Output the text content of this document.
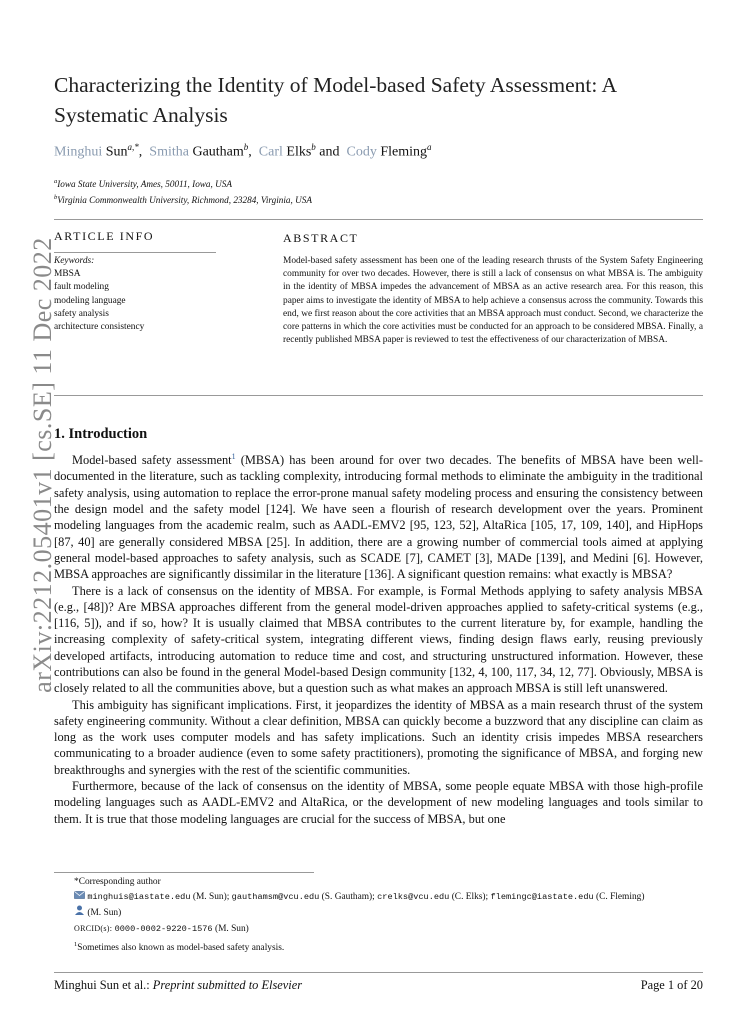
arXiv:2212.05401v1 [cs.SE] 11 Dec 2022
Characterizing the Identity of Model-based Safety Assessment: A Systematic Analysis
Minghui Sun$^{a,*}$,  Smitha Gautham$^b$,  Carl Elks$^b$ and  Cody Fleming$^a$
$^a$Iowa State University, Ames, 50011, Iowa, USA
$^b$Virginia Commonwealth University, Richmond, 23284, Virginia, USA
ARTICLE INFO	ABSTRACT
Keywords:
MBSA
fault modeling
modeling language
safety analysis
architecture consistency
Model-based safety assessment has been one of the leading research thrusts of the System Safety Engineering community for over two decades. However, there is still a lack of consensus on what MBSA is. The ambiguity in the identity of MBSA impedes the advancement of MBSA as an active research area. For this reason, this paper aims to investigate the identity of MBSA to help achieve a consensus across the community. Towards this end, we first reason about the core activities that an MBSA approach must conduct. Second, we characterize the core patterns in which the core activities must be conducted for an approach to be considered MBSA. Finally, a recently published MBSA paper is reviewed to test the effectiveness of our characterization of MBSA.
1. Introduction

Model-based safety assessment$^1$ (MBSA) has been around for over two decades. The benefits of MBSA have been well-documented in the literature, such as tackling complexity, introducing formal methods to eliminate the ambiguity in the traditional safety analysis, using automation to replace the error-prone manual safety modeling process and ensuring the consistency between the design model and the safety model [124]. We have seen a flourish of research development over the years. Prominent modeling languages from the academic realm, such as AADL-EMV2 [95, 123, 52], AltaRica [105, 17, 109, 140], and HipHops [87, 40] are generally considered MBSA [25]. In addition, there are a growing number of commercial tools aimed at applying general model-based approaches to safety analysis, such as SCADE [7], CAMET [3], MADe [139], and Medini [6]. However, MBSA approaches are significantly dissimilar in the literature [136]. A significant question remains: what exactly is MBSA?

There is a lack of consensus on the identity of MBSA. For example, is Formal Methods applying to safety analysis MBSA (e.g., [48])? Are MBSA approaches different from the general model-driven approaches applied to safety-critical systems (e.g., [116, 5]), and if so, how? It is usually claimed that MBSA contributes to the current literature by, for example, handling the increasing complexity of safety-critical system, integrating different views, finding design flaws early, reusing previously developed artifacts, introducing automation to reduce time and cost, and structuring unstructured information. However, these contributions can also be found in the general Model-based Design community [132, 4, 100, 117, 34, 12, 77]. Obviously, MBSA is closely related to all the communities above, but a question such as what makes an approach MBSA is still left unanswered.

This ambiguity has significant implications. First, it jeopardizes the identity of MBSA as a main research thrust of the system safety engineering community. Without a clear definition, MBSA can quickly become a buzzword that any discipline can claim as long as the work uses computer models and has safety implications. Such an identity crisis impedes MBSA researchers communicating to a broader audience (even to some safety practitioners), promoting the significance of MBSA, and forging new breakthroughs and synergies with the rest of the scientific communities.

Furthermore, because of the lack of consensus on the identity of MBSA, some people equate MBSA with those high-profile modeling languages such as AADL-EMV2 and AltaRica, or the development of new modeling languages and tools similar to them. It is true that those modeling languages are crucial for the success of MBSA, but one

*Corresponding author
minghuis@iastate.edu (M. Sun); gauthamsm@vcu.edu (S. Gautham); crelks@vcu.edu (C. Elks); flemingc@iastate.edu (C. Fleming)
(M. Sun)
ORCID(s): 0000-0002-9220-1576 (M. Sun)
$^1$Sometimes also known as model-based safety analysis.
Minghui Sun et al.: Preprint submitted to Elsevier	Page 1 of 20
